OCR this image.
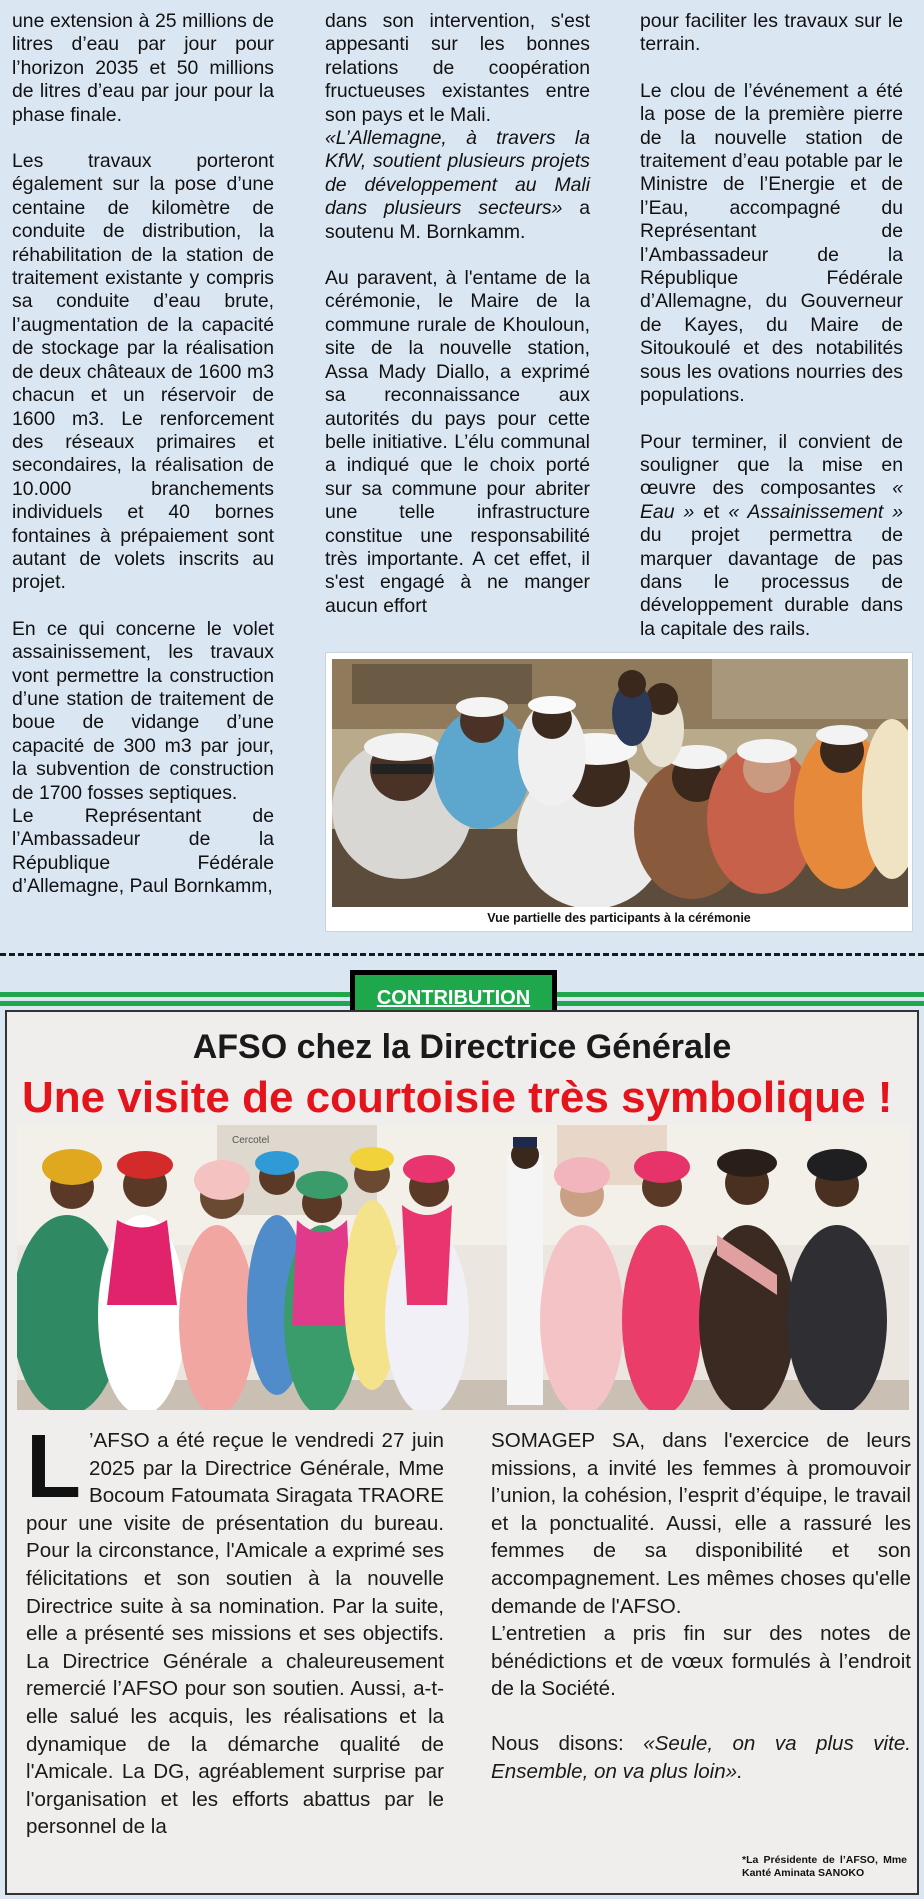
une extension à 25 millions de litres d’eau par jour pour l’horizon 2035 et 50 millions de litres d’eau par jour pour la phase finale.

Les travaux porteront également sur la pose d’une centaine de kilomètre de conduite de distribution, la réhabilitation de la station de traitement existante y compris sa conduite d’eau brute, l’augmentation de la capacité de stockage par la réalisation de deux châteaux de 1600 m3 chacun et un réservoir de 1600 m3. Le renforcement des réseaux primaires et secondaires, la réalisation de 10.000 branchements individuels et 40 bornes fontaines à prépaiement sont autant de volets inscrits au projet.

En ce qui concerne le volet assainissement, les travaux vont permettre la construction d’une station de traitement de boue de vidange d’une capacité de 300 m3 par jour, la subvention de construction de 1700 fosses septiques.

Le Représentant de l’Ambassadeur de la République Fédérale d’Allemagne, Paul Bornkamm,

dans son intervention, s'est appesanti sur les bonnes relations de coopération fructueuses existantes entre son pays et le Mali.

«L’Allemagne, à travers la KfW, soutient plusieurs projets de développement au Mali dans plusieurs secteurs» a soutenu M. Bornkamm.

Au paravent, à l'entame de la cérémonie, le Maire de la commune rurale de Khouloun, site de la nouvelle station, Assa Mady Diallo, a exprimé sa reconnaissance aux autorités du pays pour cette belle initiative. L’élu communal a indiqué que le choix porté sur sa commune pour abriter une telle infrastructure constitue une responsabilité très importante. A cet effet, il s'est engagé à ne manger aucun effort

pour faciliter les travaux sur le terrain.

Le clou de l’événement a été la pose de la première pierre de la nouvelle station de traitement d’eau potable par le Ministre de l’Energie et de l’Eau, accompagné du Représentant de l’Ambassadeur de la République Fédérale d’Allemagne, du Gouverneur de Kayes, du Maire de Sitoukoulé et des notabilités sous les ovations nourries des populations.

Pour terminer, il convient de souligner que la mise en œuvre des composantes « Eau » et « Assainissement » du projet permettra de marquer davantage de pas dans le processus de développement durable dans la capitale des rails.

Vue partielle des participants à la cérémonie
CONTRIBUTION
AFSO chez la Directrice Générale
Une visite de courtoisie très symbolique !
Cercotel
L ’AFSO a été reçue le vendredi 27 juin 2025 par la Directrice Générale, Mme Bocoum Fatoumata Siragata TRAORE pour une visite de présentation du bureau. Pour la circonstance, l'Amicale a exprimé ses félicitations et son soutien à la nouvelle Directrice suite à sa nomination. Par la suite, elle a présenté ses missions et ses objectifs. La Directrice Générale a chaleureusement remercié l’AFSO pour son soutien. Aussi, a-t-elle salué les acquis, les réalisations et la dynamique de la démarche qualité de l'Amicale. La DG, agréablement surprise par l'organisation et les efforts abattus par le personnel de la

SOMAGEP SA, dans l'exercice de leurs missions, a invité les femmes à promouvoir l’union, la cohésion, l’esprit d’équipe, le travail et la ponctualité. Aussi, elle a rassuré les femmes de sa disponibilité et son accompagnement. Les mêmes choses qu'elle demande de l'AFSO.

L’entretien a pris fin sur des notes de bénédictions et de vœux formulés à l’endroit de la Société.

Nous disons: «Seule, on va plus vite. Ensemble, on va plus loin».

*La Présidente de l’AFSO, Mme Kanté Aminata SANOKO
